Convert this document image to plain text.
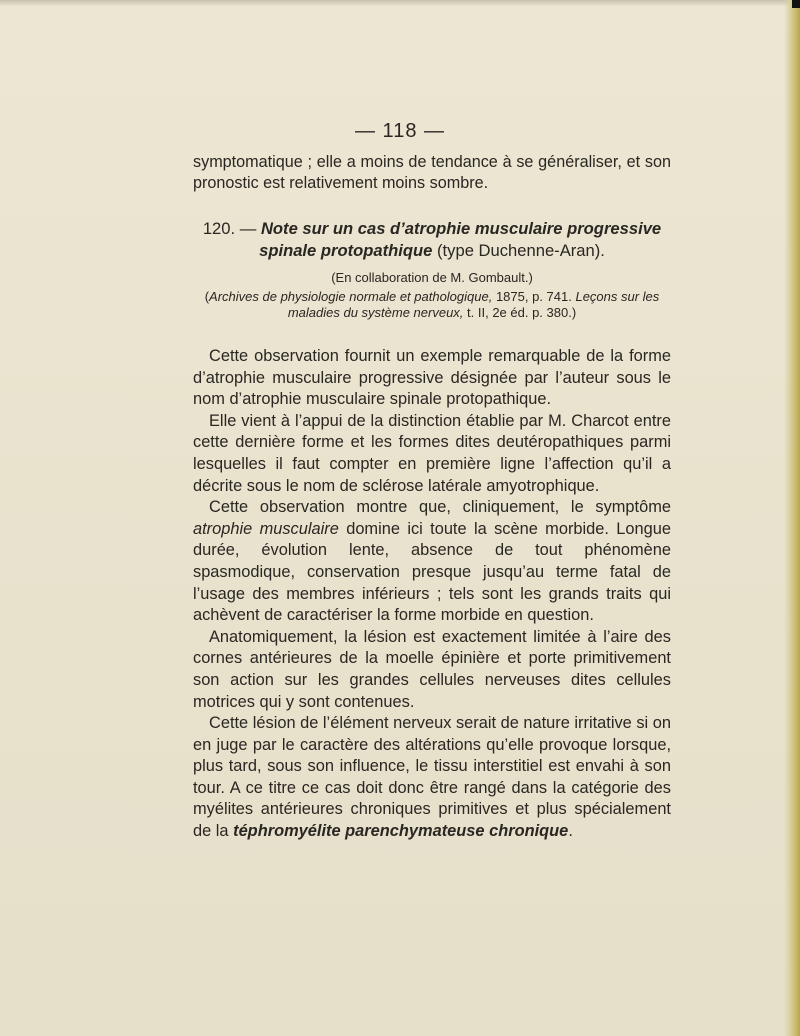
— 118 —

symptomatique ; elle a moins de tendance à se généraliser, et son pronostic est relativement moins sombre.

120. — Note sur un cas d’atrophie musculaire progressive spinale protopathique (type Duchenne-Aran).

(En collaboration de M. Gombault.)

(Archives de physiologie normale et pathologique, 1875, p. 741. Leçons sur les maladies du système nerveux, t. II, 2e éd. p. 380.)

Cette observation fournit un exemple remarquable de la forme d’atrophie musculaire progressive désignée par l’auteur sous le nom d’atrophie musculaire spinale protopathique.

Elle vient à l’appui de la distinction établie par M. Charcot entre cette dernière forme et les formes dites deutéropathiques parmi lesquelles il faut compter en première ligne l’affection qu’il a décrite sous le nom de sclérose latérale amyotrophique.

Cette observation montre que, cliniquement, le symptôme atrophie musculaire domine ici toute la scène morbide. Longue durée, évolution lente, absence de tout phénomène spasmodique, conservation presque jusqu’au terme fatal de l’usage des membres inférieurs ; tels sont les grands traits qui achèvent de caractériser la forme morbide en question.

Anatomiquement, la lésion est exactement limitée à l’aire des cornes antérieures de la moelle épinière et porte primitivement son action sur les grandes cellules nerveuses dites cellules motrices qui y sont contenues.

Cette lésion de l’élément nerveux serait de nature irritative si on en juge par le caractère des altérations qu’elle provoque lorsque, plus tard, sous son influence, le tissu interstitiel est envahi à son tour. A ce titre ce cas doit donc être rangé dans la catégorie des myélites antérieures chroniques primitives et plus spécialement de la téphromyélite parenchymateuse chronique.
